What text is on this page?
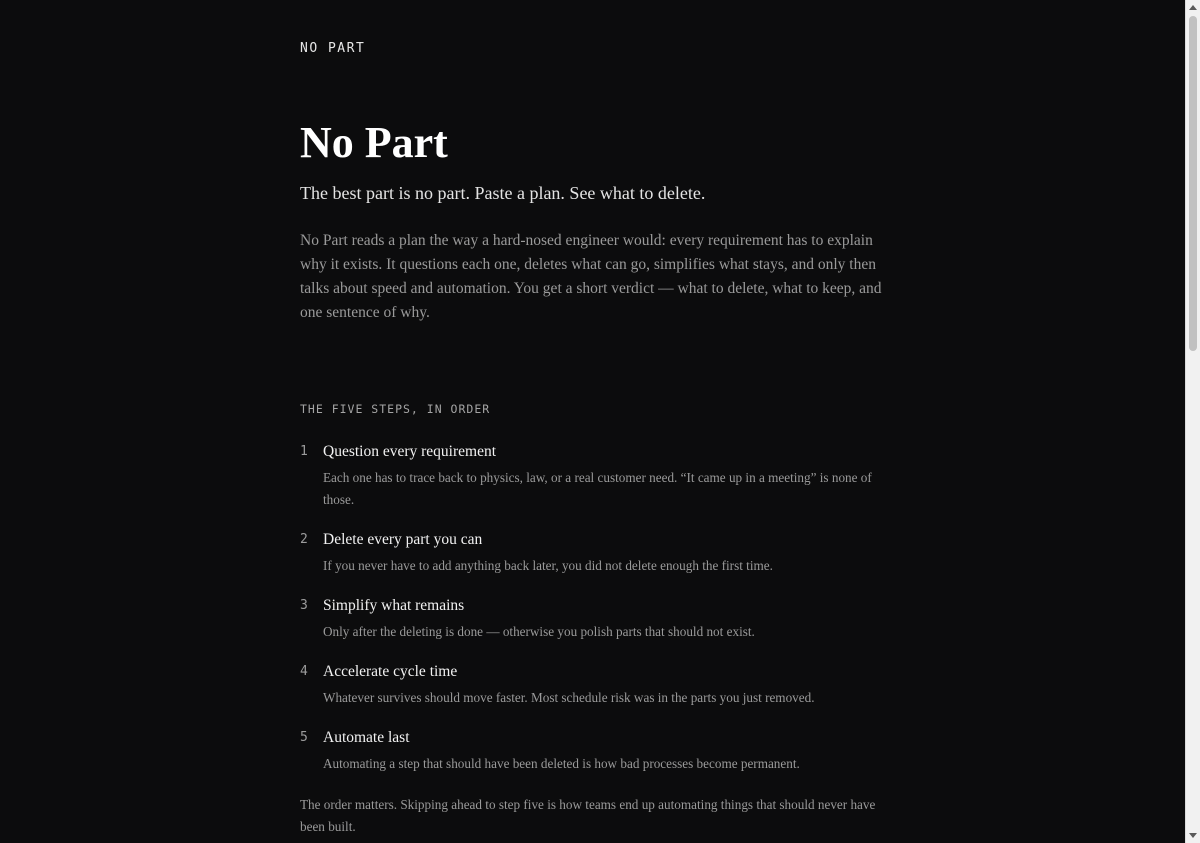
NO PART
No Part
The best part is no part. Paste a plan. See what to delete.

No Part reads a plan the way a hard-nosed engineer would: every requirement has to explain why it exists. It questions each one, deletes what can go, simplifies what stays, and only then talks about speed and automation. You get a short verdict — what to delete, what to keep, and one sentence of why.

THE FIVE STEPS, IN ORDER
1 Question every requirement

Each one has to trace back to physics, law, or a real customer need. “It came up in a meeting” is none of those.

2 Delete every part you can

If you never have to add anything back later, you did not delete enough the first time.

3 Simplify what remains

Only after the deleting is done — otherwise you polish parts that should not exist.

4 Accelerate cycle time

Whatever survives should move faster. Most schedule risk was in the parts you just removed.

5 Automate last

Automating a step that should have been deleted is how bad processes become permanent.

The order matters. Skipping ahead to step five is how teams end up automating things that should never have been built.
